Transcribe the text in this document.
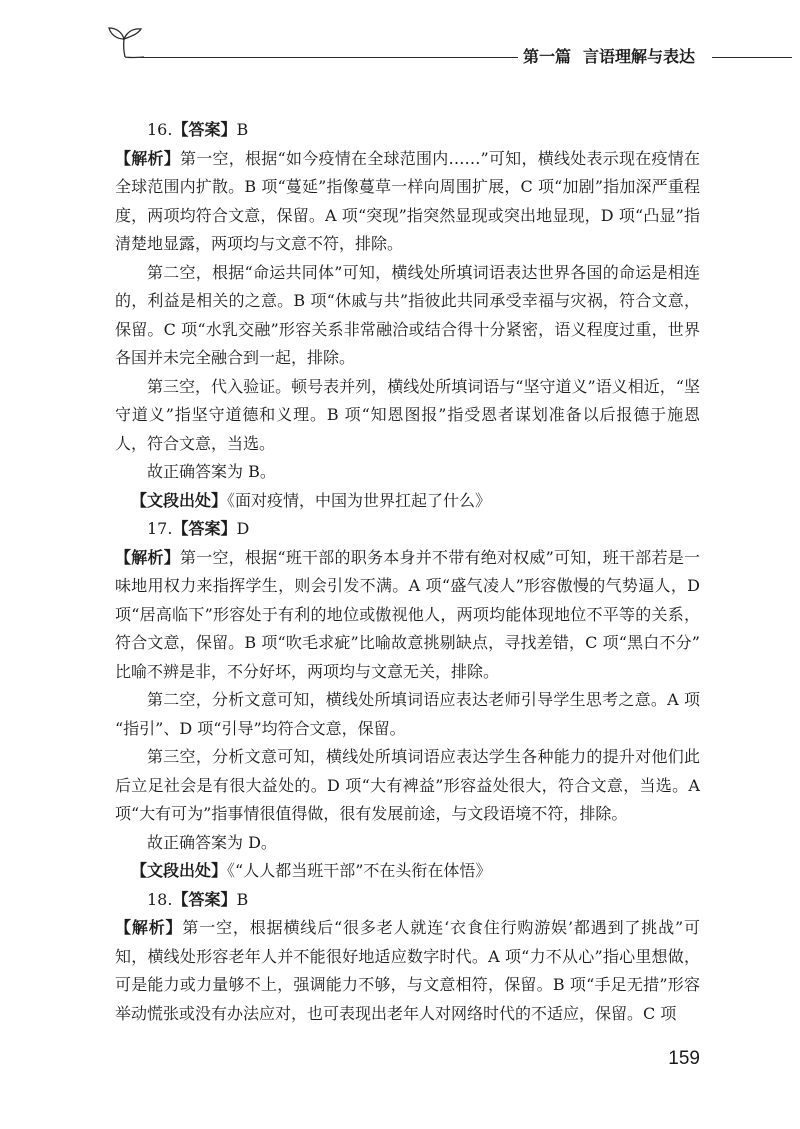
第一篇 言语理解与表达

16.【答案】B

【解析】第一空，根据“如今疫情在全球范围内……”可知，横线处表示现在疫情在全球范围内扩散。B 项“蔓延”指像蔓草一样向周围扩展，C 项“加剧”指加深严重程度，两项均符合文意，保留。A 项“突现”指突然显现或突出地显现，D 项“凸显”指清楚地显露，两项均与文意不符，排除。

第二空，根据“命运共同体”可知，横线处所填词语表达世界各国的命运是相连的，利益是相关的之意。B 项“休戚与共”指彼此共同承受幸福与灾祸，符合文意，保留。C 项“水乳交融”形容关系非常融洽或结合得十分紧密，语义程度过重，世界各国并未完全融合到一起，排除。

第三空，代入验证。顿号表并列，横线处所填词语与“坚守道义”语义相近，“坚守道义”指坚守道德和义理。B 项“知恩图报”指受恩者谋划准备以后报德于施恩人，符合文意，当选。

故正确答案为 B。

【文段出处】《面对疫情，中国为世界扛起了什么》

17.【答案】D

【解析】第一空，根据“班干部的职务本身并不带有绝对权威”可知，班干部若是一味地用权力来指挥学生，则会引发不满。A 项“盛气凌人”形容傲慢的气势逼人，D 项“居高临下”形容处于有利的地位或傲视他人，两项均能体现地位不平等的关系，符合文意，保留。B 项“吹毛求疵”比喻故意挑剔缺点，寻找差错，C 项“黑白不分”比喻不辨是非，不分好坏，两项均与文意无关，排除。

第二空，分析文意可知，横线处所填词语应表达老师引导学生思考之意。A 项“指引”、D 项“引导”均符合文意，保留。

第三空，分析文意可知，横线处所填词语应表达学生各种能力的提升对他们此后立足社会是有很大益处的。D 项“大有裨益”形容益处很大，符合文意，当选。A 项“大有可为”指事情很值得做，很有发展前途，与文段语境不符，排除。

故正确答案为 D。

【文段出处】《“人人都当班干部”不在头衔在体悟》

18.【答案】B

【解析】第一空，根据横线后“很多老人就连‘衣食住行购游娱’都遇到了挑战”可知，横线处形容老年人并不能很好地适应数字时代。A 项“力不从心”指心里想做，可是能力或力量够不上，强调能力不够，与文意相符，保留。B 项“手足无措”形容举动慌张或没有办法应对，也可表现出老年人对网络时代的不适应，保留。C 项

159
